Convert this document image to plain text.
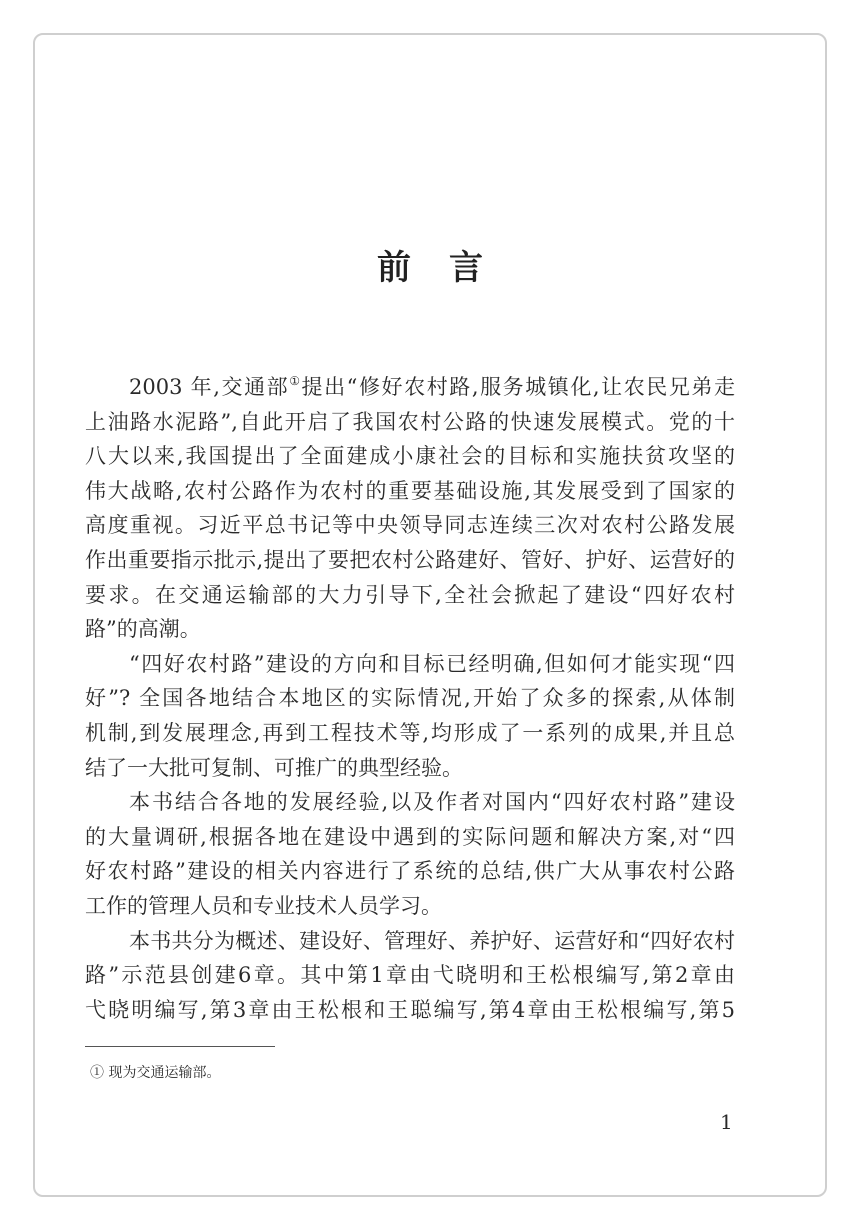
前言
2003 年,交通部①提出“修好农村路,服务城镇化,让农民兄弟走
上油路水泥路”,自此开启了我国农村公路的快速发展模式。党的十
八大以来,我国提出了全面建成小康社会的目标和实施扶贫攻坚的
伟大战略,农村公路作为农村的重要基础设施,其发展受到了国家的
高度重视。习近平总书记等中央领导同志连续三次对农村公路发展
作出重要指示批示,提出了要把农村公路建好、管好、护好、运营好的
要求。在交通运输部的大力引导下,全社会掀起了建设“四好农村
路”的高潮。
“四好农村路”建设的方向和目标已经明确,但如何才能实现“四
好”? 全国各地结合本地区的实际情况,开始了众多的探索,从体制
机制,到发展理念,再到工程技术等,均形成了一系列的成果,并且总
结了一大批可复制、可推广的典型经验。
本书结合各地的发展经验,以及作者对国内“四好农村路”建设
的大量调研,根据各地在建设中遇到的实际问题和解决方案,对“四
好农村路”建设的相关内容进行了系统的总结,供广大从事农村公路
工作的管理人员和专业技术人员学习。
本书共分为概述、建设好、管理好、养护好、运营好和“四好农村
路”示范县创建6章。其中第1章由弋晓明和王松根编写,第2章由
弋晓明编写,第3章由王松根和王聪编写,第4章由王松根编写,第5
① 现为交通运输部。
1
